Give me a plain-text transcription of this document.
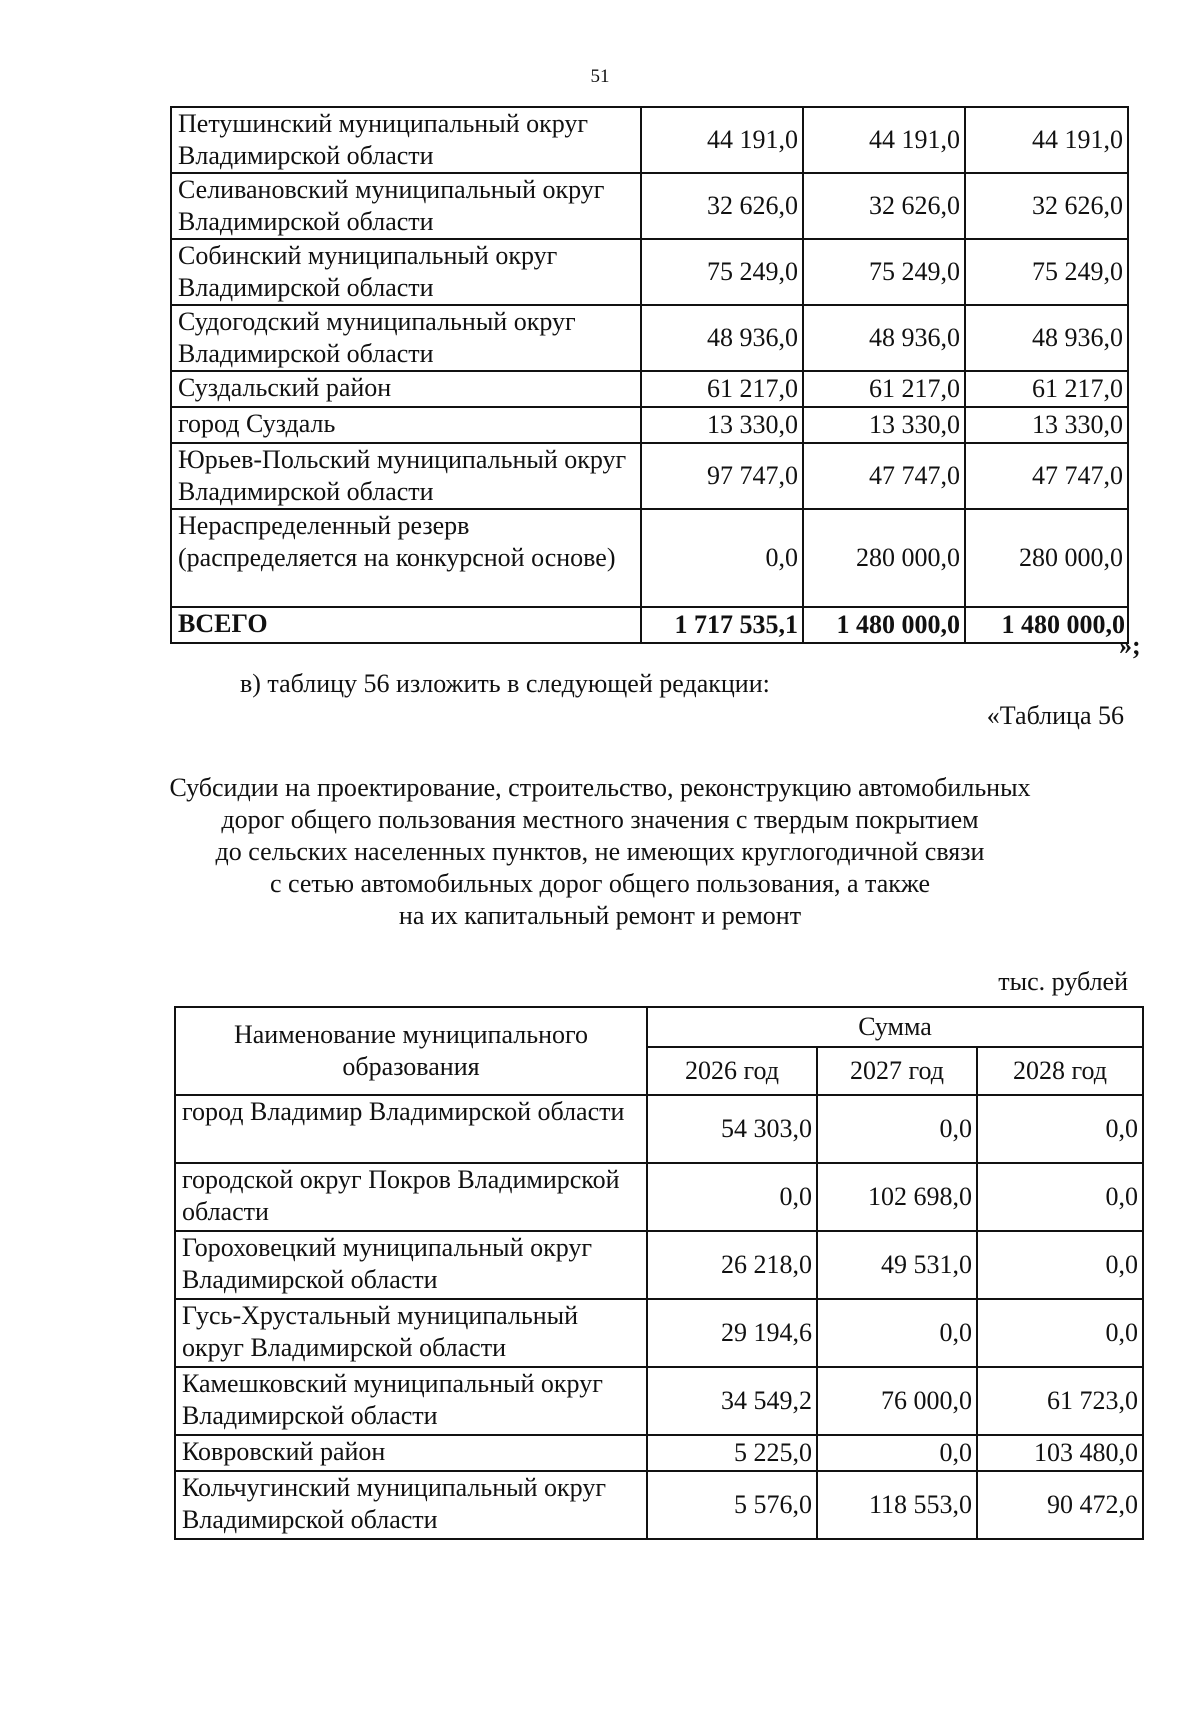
51
Петушинский муниципальный округ Владимирской области	44 191,0	44 191,0	44 191,0
Селивановский муниципальный округ Владимирской области	32 626,0	32 626,0	32 626,0
Собинский муниципальный округ Владимирской области	75 249,0	75 249,0	75 249,0
Судогодский муниципальный округ Владимирской области	48 936,0	48 936,0	48 936,0
Суздальский район	61 217,0	61 217,0	61 217,0
город Суздаль	13 330,0	13 330,0	13 330,0
Юрьев-Польский муниципальный округ Владимирской области	97 747,0	47 747,0	47 747,0
Нераспределенный резерв (распределяется на конкурсной основе)	0,0	280 000,0	280 000,0
ВСЕГО	1 717 535,1	1 480 000,0	1 480 000,0
»;
в) таблицу 56 изложить в следующей редакции:
«Таблица 56
Субсидии на проектирование, строительство, реконструкцию автомобильных
дорог общего пользования местного значения с твердым покрытием
до сельских населенных пунктов, не имеющих круглогодичной связи
с сетью автомобильных дорог общего пользования, а также
на их капитальный ремонт и ремонт
тыс. рублей
Наименование муниципального образования	Сумма		
	2026 год	2027 год	2028 год
город Владимир Владимирской области	54 303,0	0,0	0,0
городской округ Покров Владимирской области	0,0	102 698,0	0,0
Гороховецкий муниципальный округ Владимирской области	26 218,0	49 531,0	0,0
Гусь-Хрустальный муниципальный округ Владимирской области	29 194,6	0,0	0,0
Камешковский муниципальный округ Владимирской области	34 549,2	76 000,0	61 723,0
Ковровский район	5 225,0	0,0	103 480,0
Кольчугинский муниципальный округ Владимирской области	5 576,0	118 553,0	90 472,0
